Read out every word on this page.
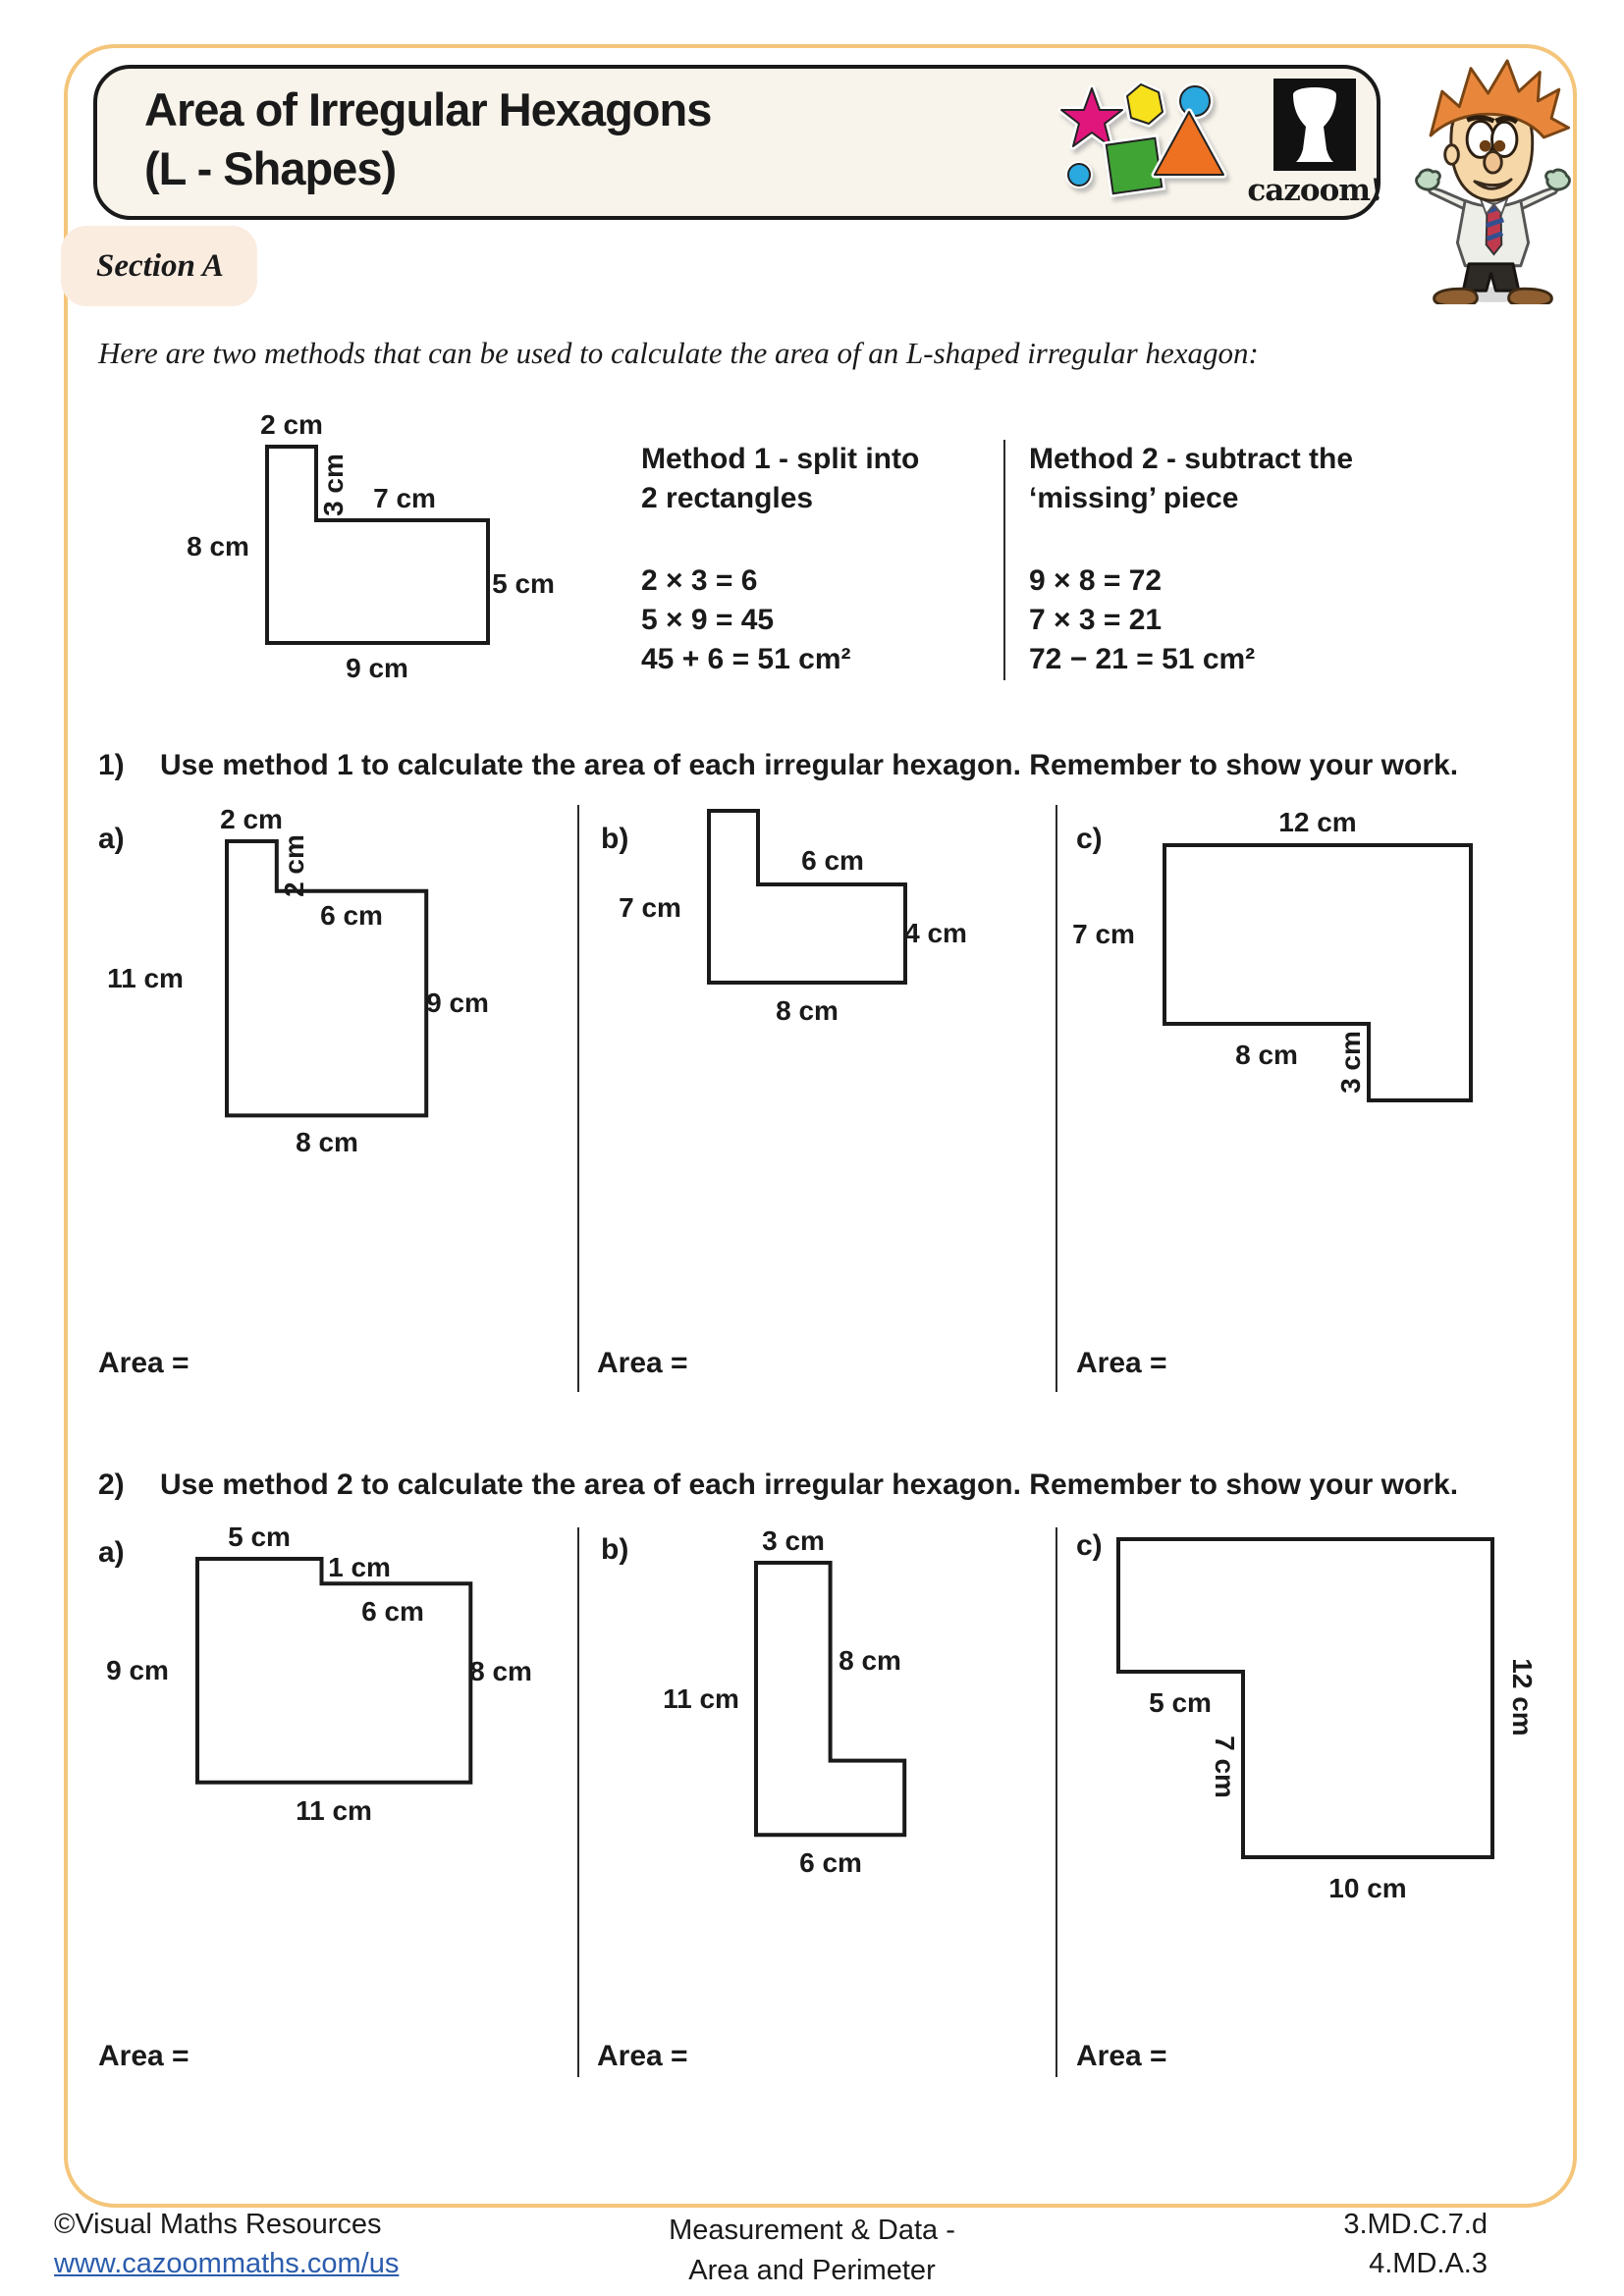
Area of Irregular Hexagons
(L - Shapes)	cazoom!
Section A
Here are two methods that can be used to calculate the area of an L-shaped irregular hexagon:
Method 1 - split into
2 rectangles
2 × 3 = 6
5 × 9 = 45
45 + 6 = 51 cm²
Method 2 - subtract the
‘missing’ piece
9 × 8 = 72
7 × 3 = 21
72 − 21 = 51 cm²
1) Use method 1 to calculate the area of each irregular hexagon. Remember to show your work.
a)	b)	c)
Area =	Area =	Area =
2) Use method 2 to calculate the area of each irregular hexagon. Remember to show your work.
a)	b)	c)
Area =	Area =	Area =
2 cm
3 cm 7 cm
8 cm
5 cm
9 cm
2 cm
2 cm
6 cm
11 cm
9 cm
8 cm
6 cm
7 cm
4 cm
8 cm
12 cm
7 cm
8 cm 3 cm
5 cm
1 cm
6 cm
9 cm	8 cm
11 cm
3 cm
8 cm
11 cm
6 cm
5 cm
7 cm
10 cm
12 cm
©Visual Maths Resources
www.cazoommaths.com/us
Measurement & Data -
Area and Perimeter
3.MD.C.7.d
4.MD.A.3
